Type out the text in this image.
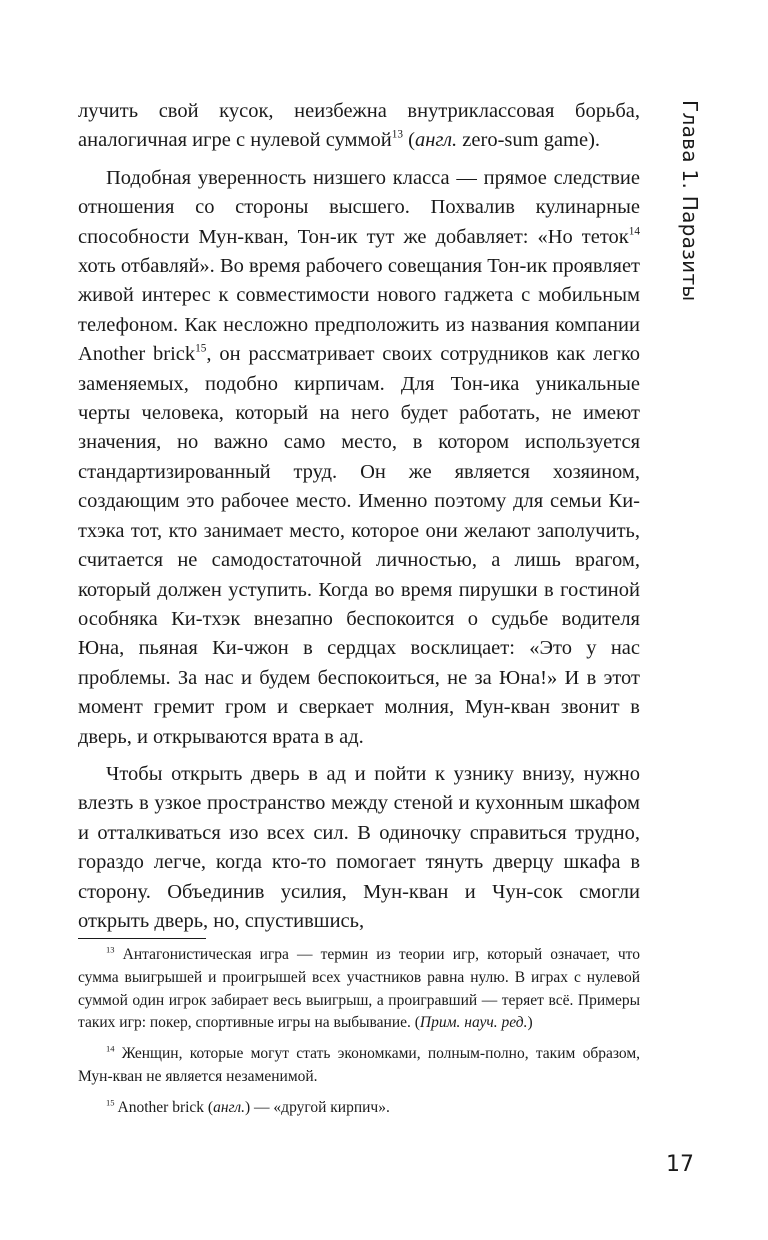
лучить свой кусок, неизбежна внутриклассовая борьба, аналогичная игре с нулевой суммой$^{13}$ (англ. zero-sum game).

Подобная уверенность низшего класса — прямое следствие отношения со стороны высшего. Похвалив кулинарные способности Мун-кван, Тон-ик тут же добавляет: «Но теток$^{14}$ хоть отбавляй». Во время рабочего совещания Тон-ик проявляет живой интерес к совместимости нового гаджета с мобильным телефоном. Как несложно предположить из названия компании Another brick$^{15}$, он рассматривает своих сотрудников как легко заменяемых, подобно кирпичам. Для Тон-ика уникальные черты человека, который на него будет работать, не имеют значения, но важно само место, в котором используется стандартизированный труд. Он же является хозяином, создающим это рабочее место. Именно поэтому для семьи Ки-тхэка тот, кто занимает место, которое они желают заполучить, считается не самодостаточной личностью, а лишь врагом, который должен уступить. Когда во время пирушки в гостиной особняка Ки-тхэк внезапно беспокоится о судьбе водителя Юна, пьяная Ки-чжон в сердцах восклицает: «Это у нас проблемы. За нас и будем беспокоиться, не за Юна!» И в этот момент гремит гром и сверкает молния, Мун-кван звонит в дверь, и открываются врата в ад.

Чтобы открыть дверь в ад и пойти к узнику внизу, нужно влезть в узкое пространство между стеной и кухонным шкафом и отталкиваться изо всех сил. В одиночку справиться трудно, гораздо легче, когда кто-то помогает тянуть дверцу шкафа в сторону. Объединив усилия, Мун-кван и Чун-сок смогли открыть дверь, но, спустившись,

$^{13}$ Антагонистическая игра — термин из теории игр, который означает, что сумма выигрышей и проигрышей всех участников равна нулю. В играх с нулевой суммой один игрок забирает весь выигрыш, а проигравший — теряет всё. Примеры таких игр: покер, спортивные игры на выбывание. (Прим. науч. ред.)

$^{14}$ Женщин, которые могут стать экономками, полным-полно, таким образом, Мун-кван не является незаменимой.

$^{15}$ Another brick (англ.) — «другой кирпич».

Глава 1. Паразиты
17
